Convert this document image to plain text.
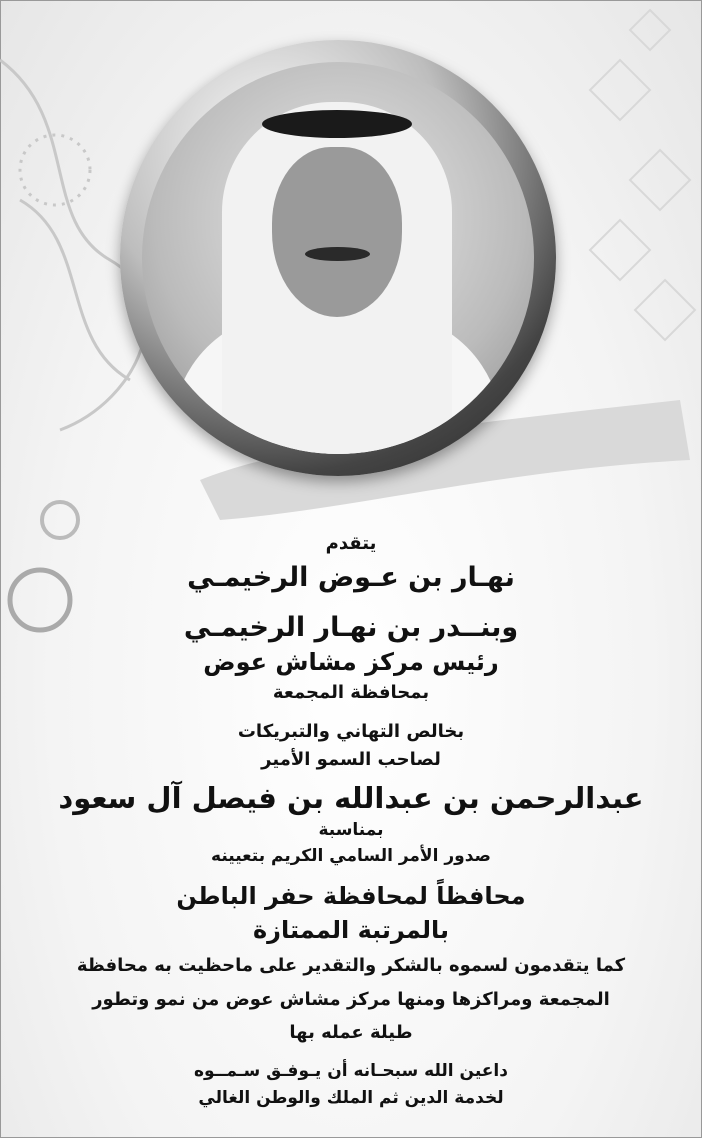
يتقدم
نهـار بن عـوض الرخيمـي
وبنــدر بن نهـار الرخيمـي
رئيس مركز مشاش عوض
بمحافظة المجمعة
بخالص التهاني والتبريكات
لصاحب السمو الأمير
عبدالرحمن بن عبدالله بن فيصل آل سعود
بمناسبة
صدور الأمر السامي الكريم بتعيينه
محافظاً لمحافظة حفر الباطن
بالمرتبة الممتازة
كما يتقدمون لسموه بالشكر والتقدير على ماحظيت به محافظة
المجمعة ومراكزها ومنها مركز مشاش عوض من نمو وتطور
طيلة عمله بها
داعين الله سبحـانه أن يـوفـق سـمــوه
لخدمة الدين ثم الملك والوطن الغالي
